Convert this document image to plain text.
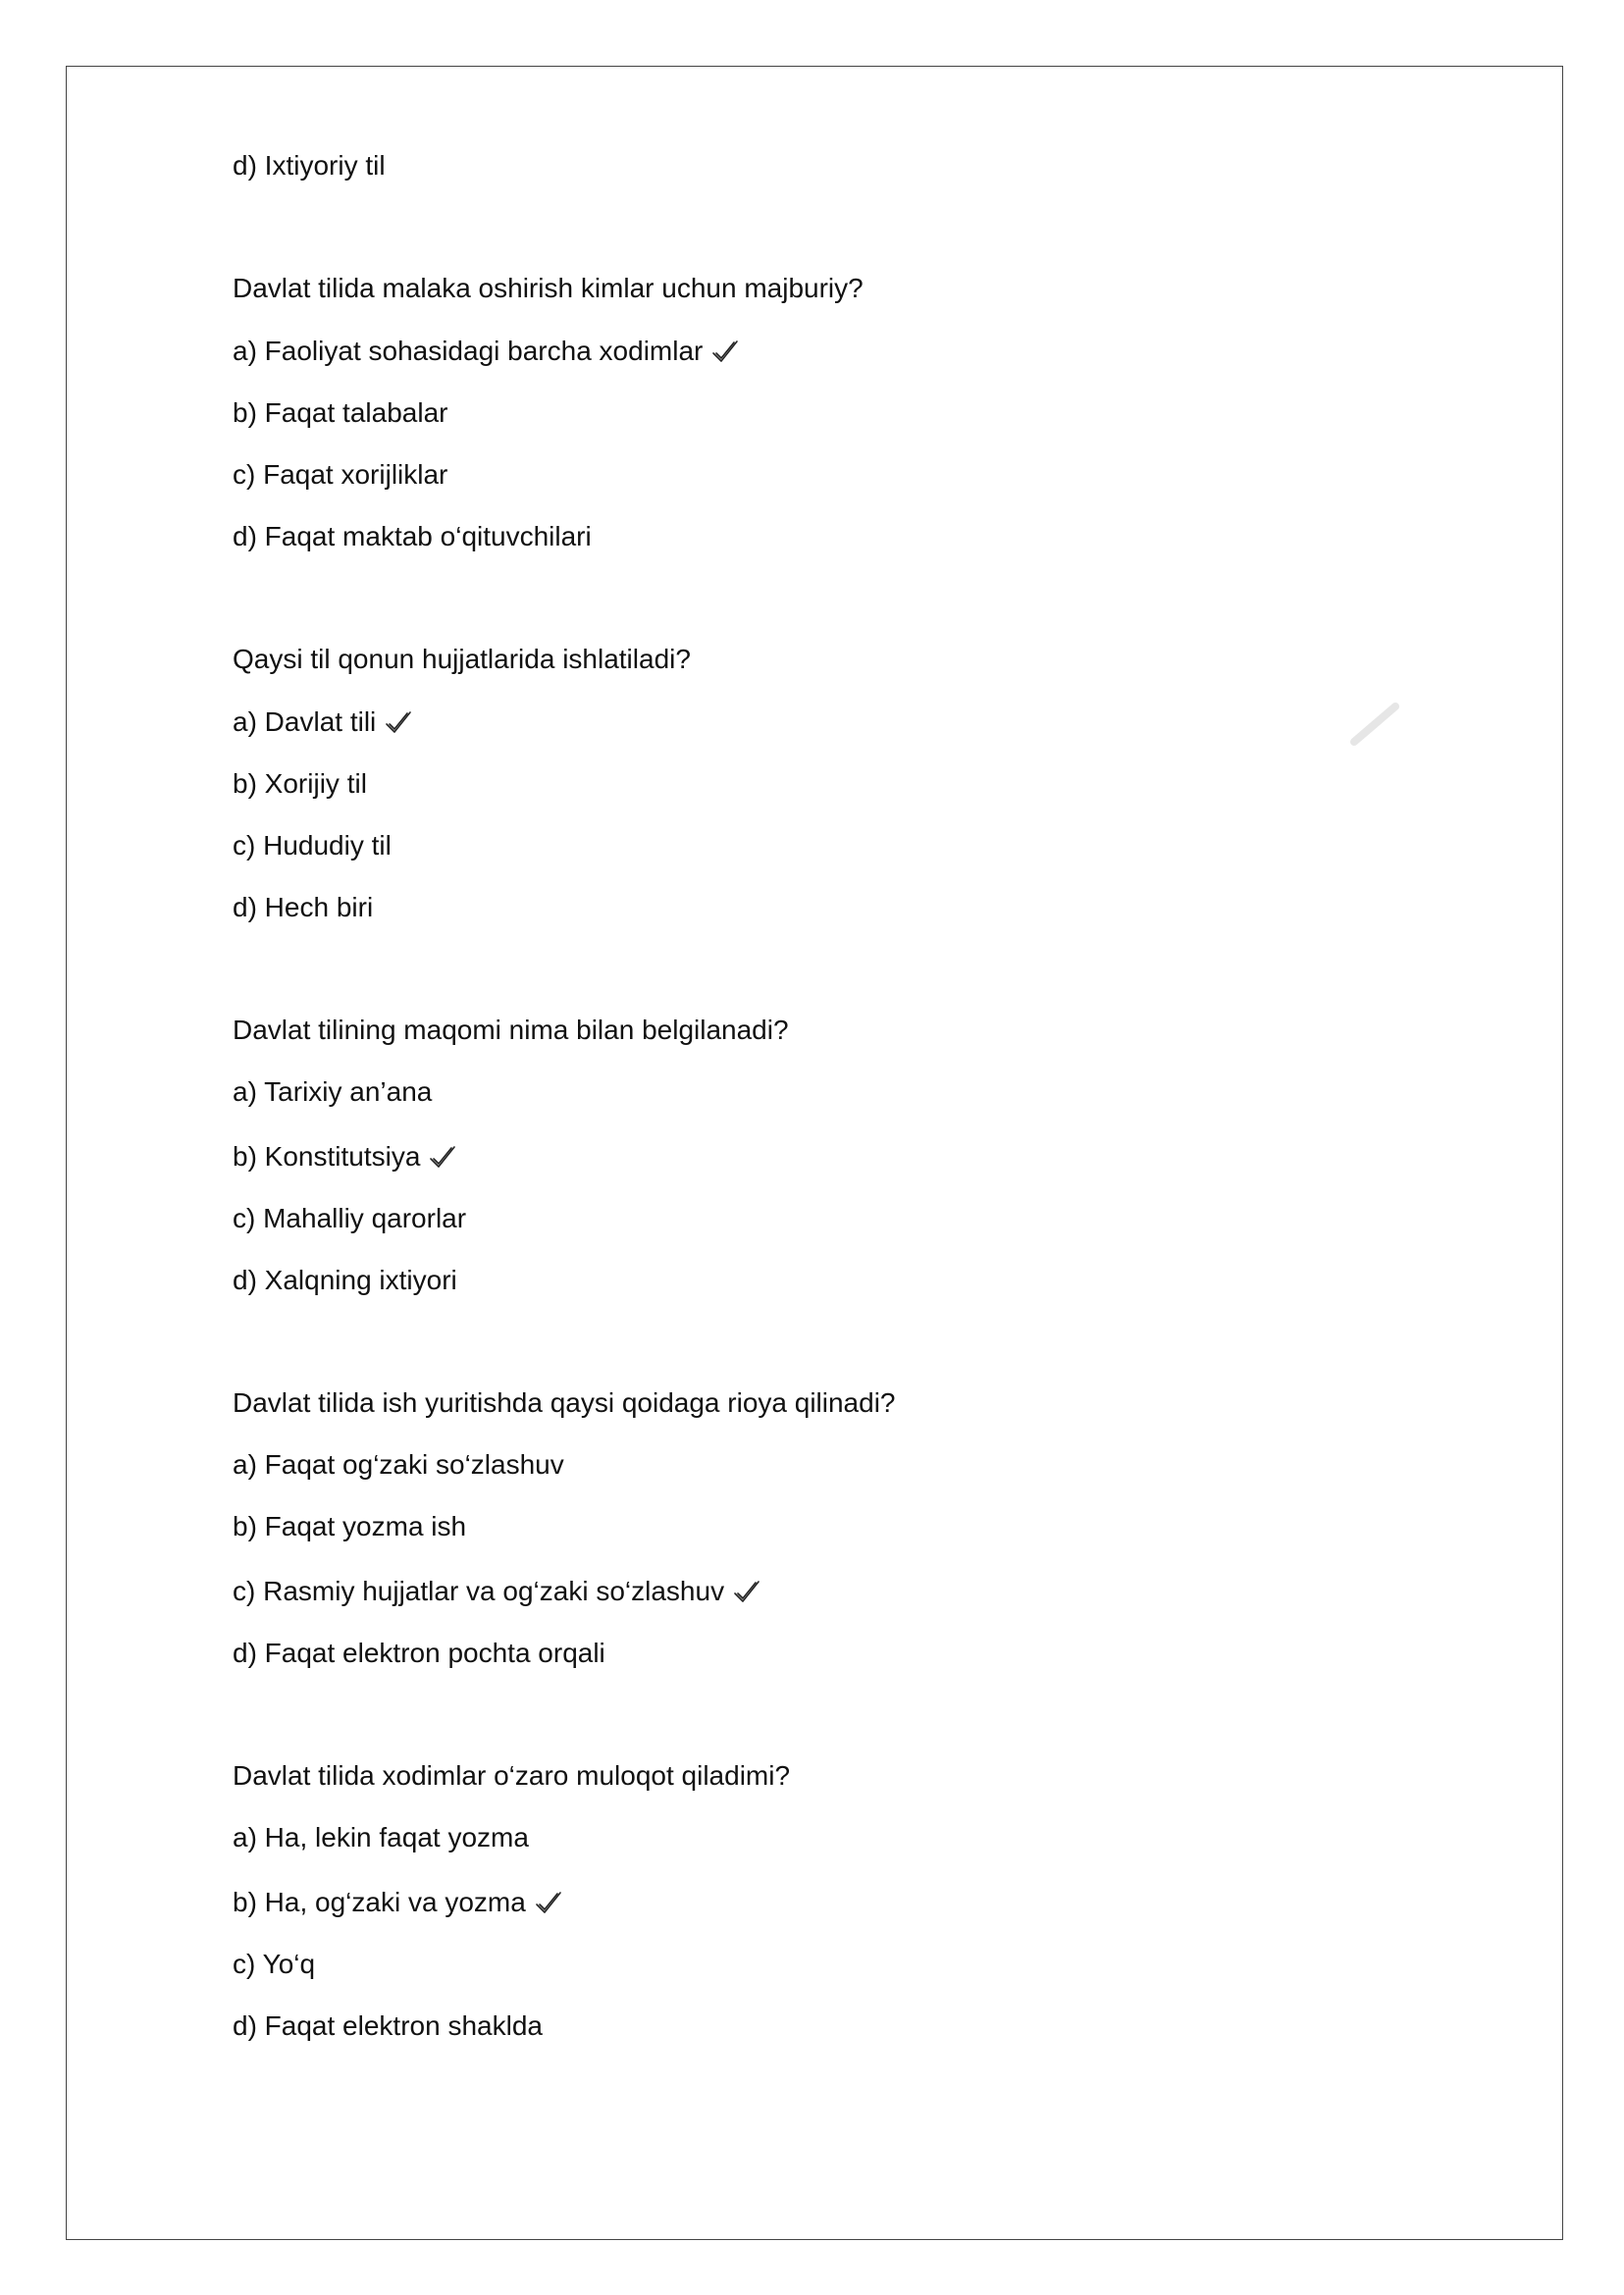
d) Ixtiyoriy til
Davlat tilida malaka oshirish kimlar uchun majburiy?
a) Faoliyat sohasidagi barcha xodimlar
b) Faqat talabalar
c) Faqat xorijliklar
d) Faqat maktab o‘qituvchilari
Qaysi til qonun hujjatlarida ishlatiladi?
a) Davlat tili
b) Xorijiy til
c) Hududiy til
d) Hech biri
Davlat tilining maqomi nima bilan belgilanadi?
a) Tarixiy an’ana
b) Konstitutsiya
c) Mahalliy qarorlar
d) Xalqning ixtiyori
Davlat tilida ish yuritishda qaysi qoidaga rioya qilinadi?
a) Faqat og‘zaki so‘zlashuv
b) Faqat yozma ish
c) Rasmiy hujjatlar va og‘zaki so‘zlashuv
d) Faqat elektron pochta orqali
Davlat tilida xodimlar o‘zaro muloqot qiladimi?
a) Ha, lekin faqat yozma
b) Ha, og‘zaki va yozma
c) Yo‘q
d) Faqat elektron shaklda
